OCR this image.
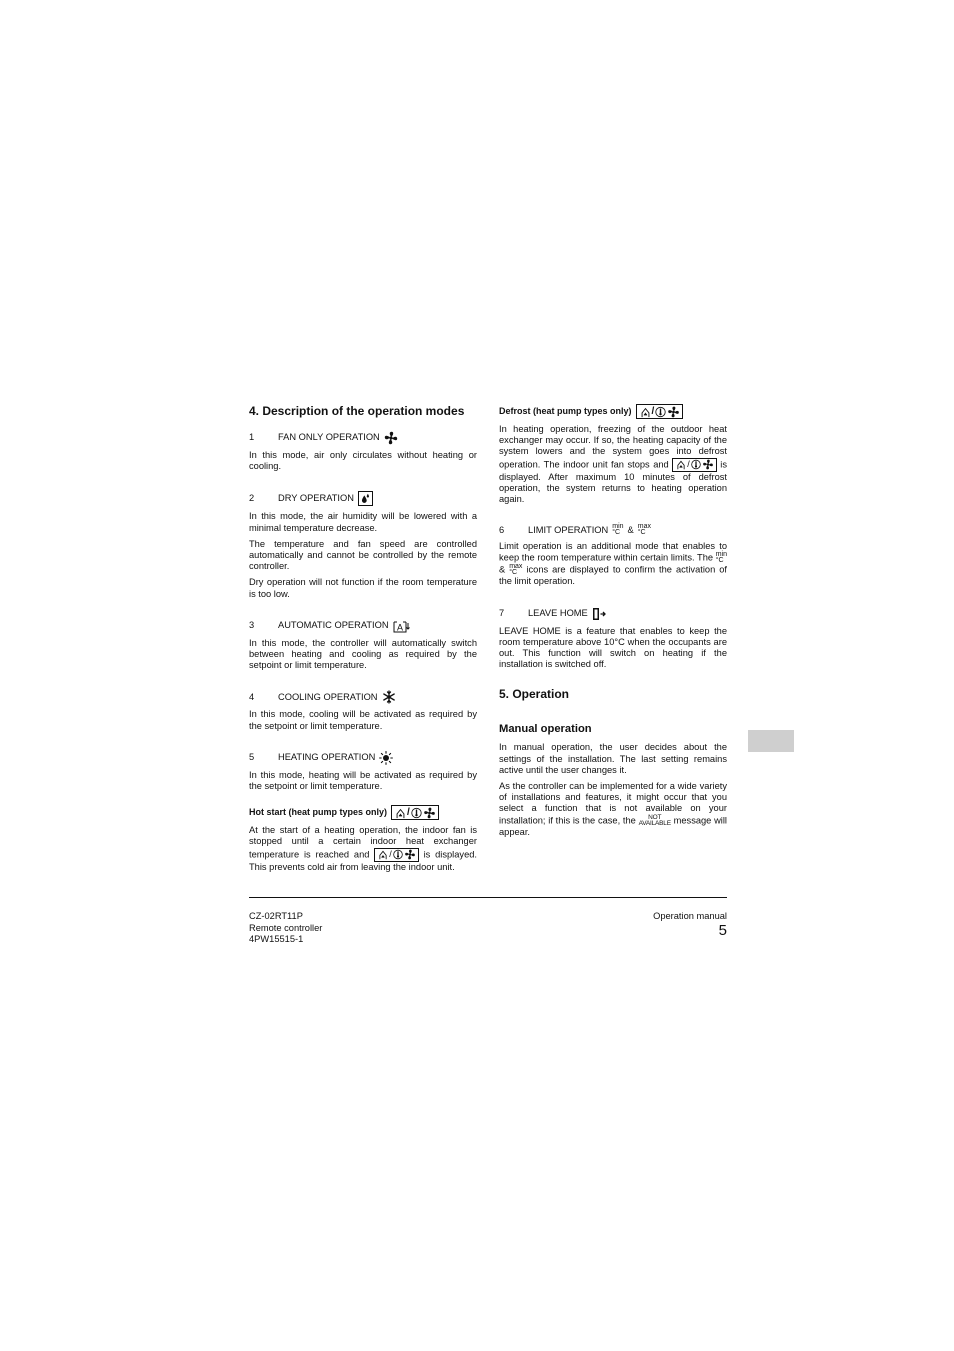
4. Description of the operation modes
1	FAN ONLY OPERATION

In this mode, air only circulates without heating or cooling.

2	DRY OPERATION

In this mode, the air humidity will be lowered with a minimal temperature decrease.

The temperature and fan speed are controlled automatically and cannot be controlled by the remote controller.

Dry operation will not function if the room temperature is too low.

3	AUTOMATIC OPERATION A

In this mode, the controller will automatically switch between heating and cooling as required by the setpoint or limit temperature.

4	COOLING OPERATION

In this mode, cooling will be activated as required by the setpoint or limit temperature.

5	HEATING OPERATION

In this mode, heating will be activated as required by the setpoint or limit temperature.

Hot start (heat pump types only) /

At the start of a heating operation, the indoor fan is stopped until a certain indoor heat exchanger temperature is reached and /	is displayed. This prevents cold air from leaving the indoor unit.

Defrost (heat pump types only) /

In heating operation, freezing of the outdoor heat exchanger may occur. If so, the heating capacity of the system lowers and the system goes into defrost operation. The indoor unit fan stops and /	is displayed. After maximum 10 minutes of defrost operation, the system returns to heating operation again.

6	LIMIT OPERATION min
°C & max
°C

Limit operation is an additional mode that enables to keep the room temperature within certain limits. The min
°C & max
°C icons are displayed to confirm the activation of the limit operation.

7	LEAVE HOME

LEAVE HOME is a feature that enables to keep the room temperature above 10°C when the occupants are out. This function will switch on heating if the installation is switched off.

5. Operation
Manual operation

In manual operation, the user decides about the settings of the installation. The last setting remains active until the user changes it.

As the controller can be implemented for a wide variety of installations and features, it might occur that you select a function that is not available on your installation; if this is the case, the NOT
AVAILABLE message will appear.

CZ-02RT11P
Remote controller
4PW15515-1
Operation manual
5
